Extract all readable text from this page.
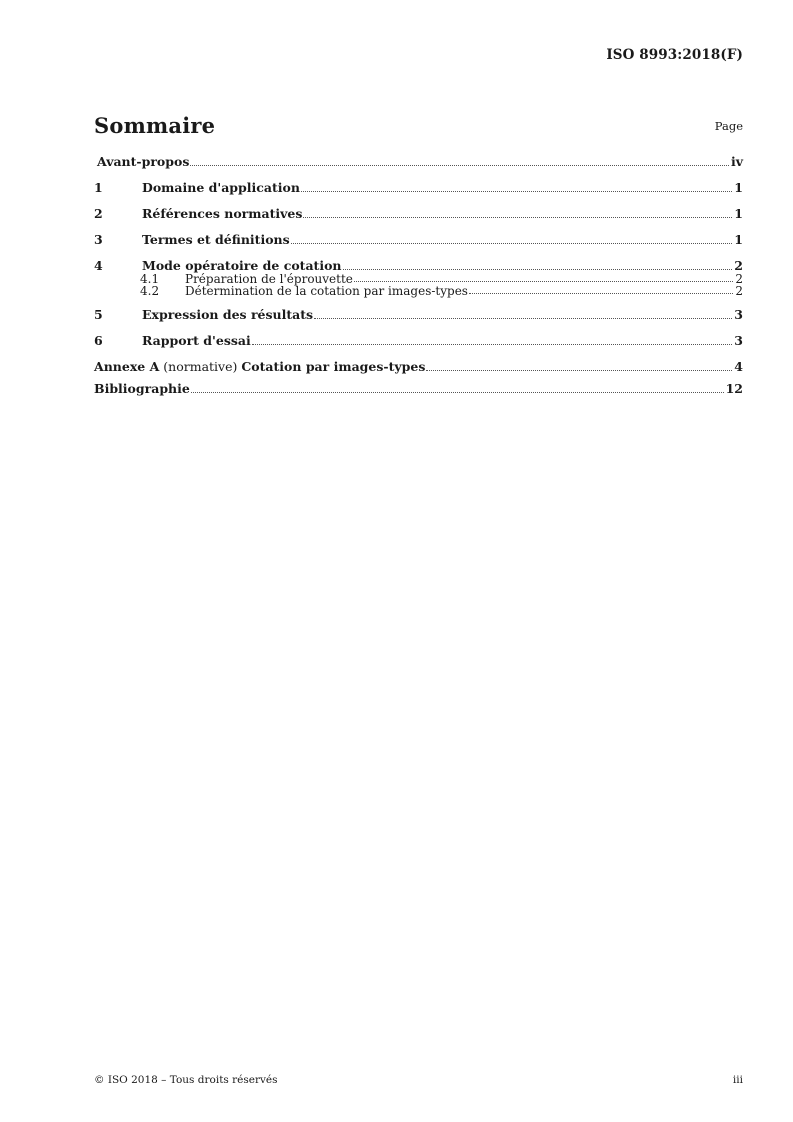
ISO 8993:2018(F)
Sommaire	Page
Avant-propos	iv
1	Domaine d'application	1
2	Références normatives	1
3	Termes et définitions	1
4	Mode opératoire de cotation	2
4.1	Préparation de l'éprouvette	2
4.2	Détermination de la cotation par images-types	2
5	Expression des résultats	3
6	Rapport d'essai	3
Annexe A (normative) Cotation par images-types	4
Bibliographie	12
© ISO 2018 – Tous droits réservés	iii
